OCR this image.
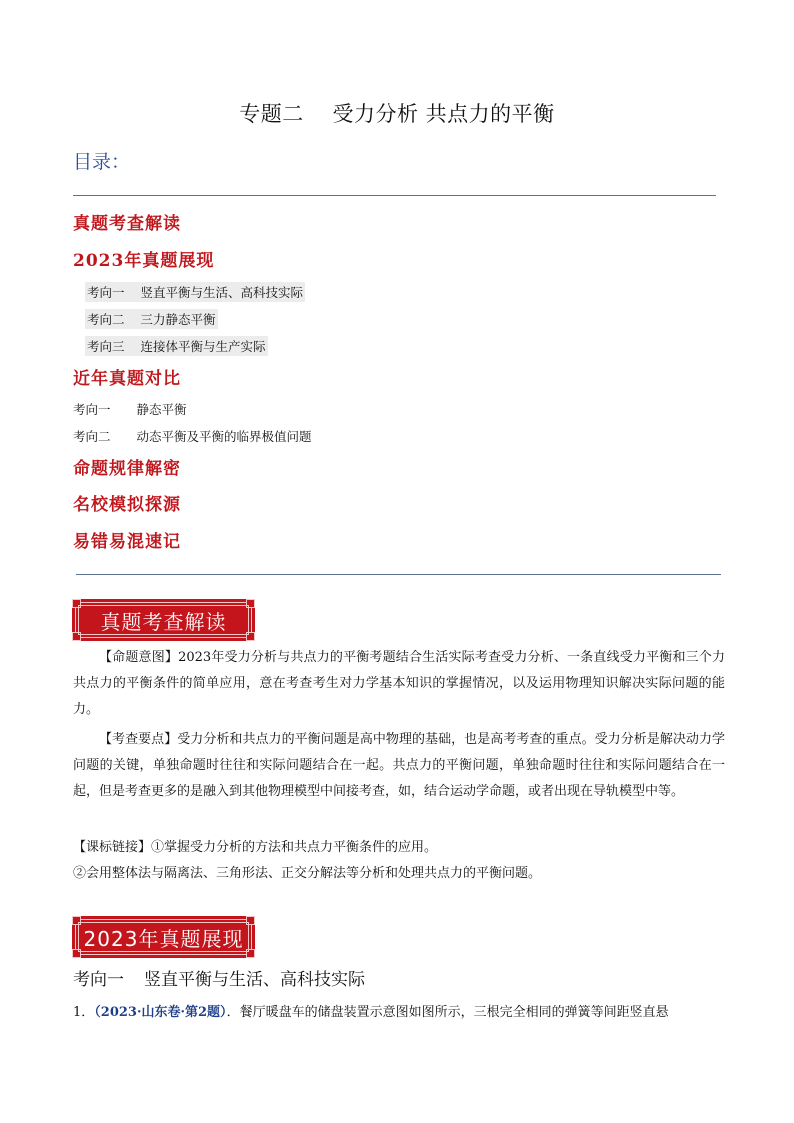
专题二    受力分析 共点力的平衡
目录：
真题考查解读
2023年真题展现
考向一 竖直平衡与生活、高科技实际
考向二 三力静态平衡
考向三 连接体平衡与生产实际
近年真题对比
考向一 静态平衡
考向二 动态平衡及平衡的临界极值问题
命题规律解密
名校模拟探源
易错易混速记
真题考查解读
【命题意图】2023年受力分析与共点力的平衡考题结合生活实际考查受力分析、一条直线受力平衡和三个力共点力的平衡条件的简单应用，意在考查考生对力学基本知识的掌握情况，以及运用物理知识解决实际问题的能力。
【考查要点】受力分析和共点力的平衡问题是高中物理的基础，也是高考考查的重点。受力分析是解决动力学问题的关键，单独命题时往往和实际问题结合在一起。共点力的平衡问题，单独命题时往往和实际问题结合在一起，但是考查更多的是融入到其他物理模型中间接考查，如，结合运动学命题，或者出现在导轨模型中等。
【课标链接】①掌握受力分析的方法和共点力平衡条件的应用。
②会用整体法与隔离法、三角形法、正交分解法等分析和处理共点力的平衡问题。
2023年真题展现
考向一 竖直平衡与生活、高科技实际
1．（2023·山东卷·第2题）．餐厅暖盘车的储盘装置示意图如图所示，三根完全相同的弹簧等间距竖直悬
